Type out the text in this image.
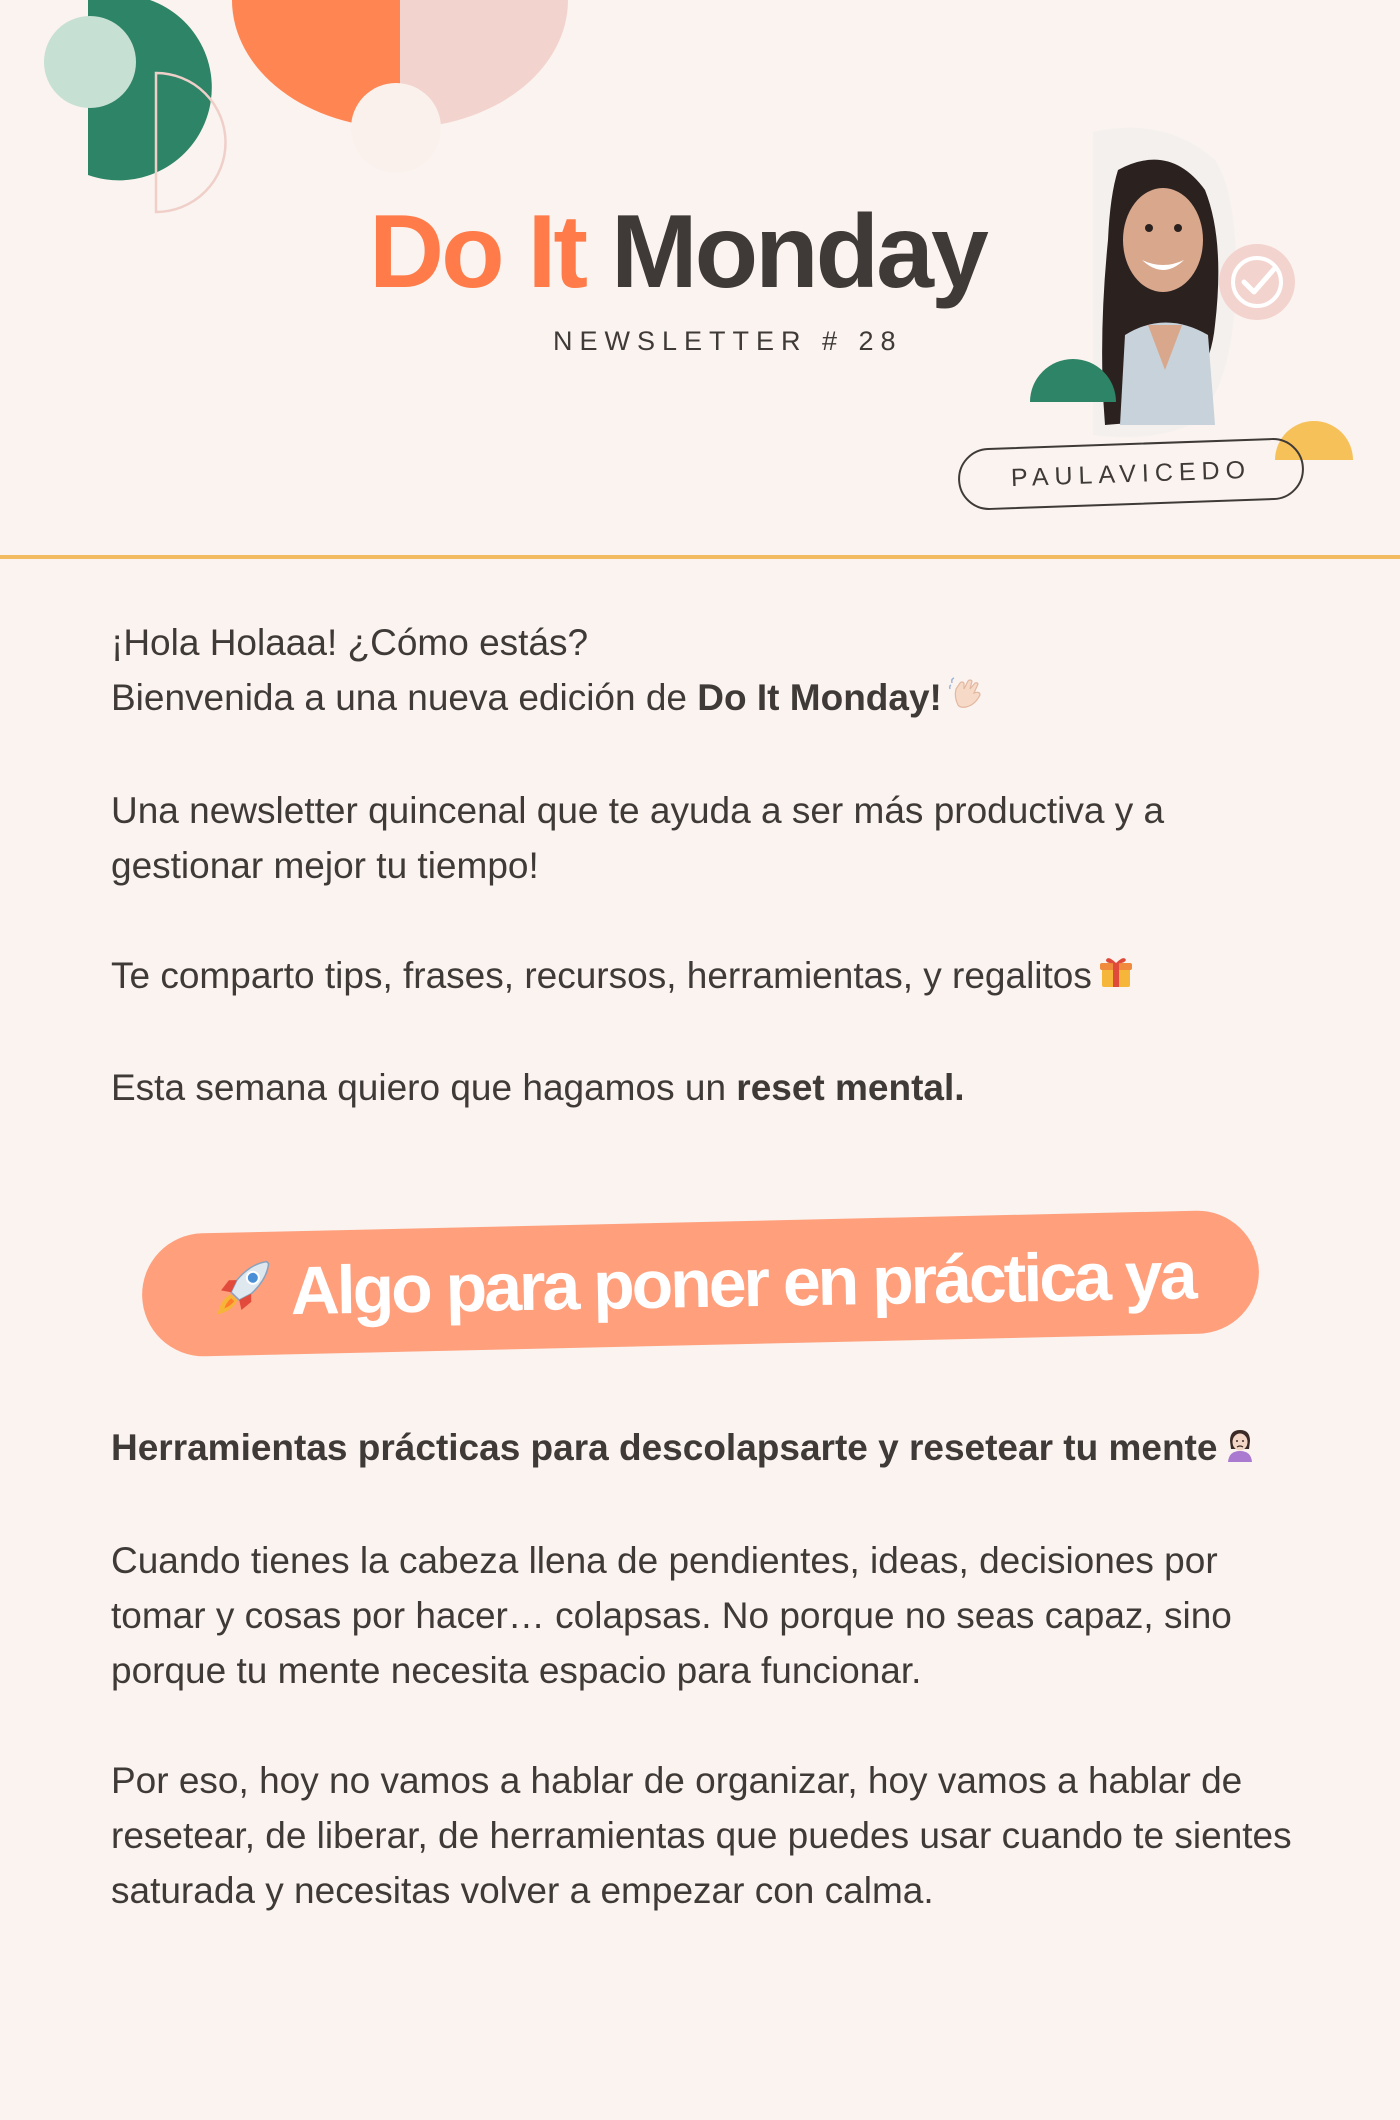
Do It Monday
NEWSLETTER # 28
PAULAVICEDO

¡Hola Holaaa! ¿Cómo estás?

Bienvenida a una nueva edición de Do It Monday!

Una newsletter quincenal que te ayuda a ser más productiva y a gestionar mejor tu tiempo!

Te comparto tips, frases, recursos, herramientas, y regalitos

Esta semana quiero que hagamos un reset mental.

Algo para poner en práctica ya

Herramientas prácticas para descolapsarte y resetear tu mente

Cuando tienes la cabeza llena de pendientes, ideas, decisiones por tomar y cosas por hacer… colapsas. No porque no seas capaz, sino porque tu mente necesita espacio para funcionar.

Por eso, hoy no vamos a hablar de organizar, hoy vamos a hablar de resetear, de liberar, de herramientas que puedes usar cuando te sientes saturada y necesitas volver a empezar con calma.
